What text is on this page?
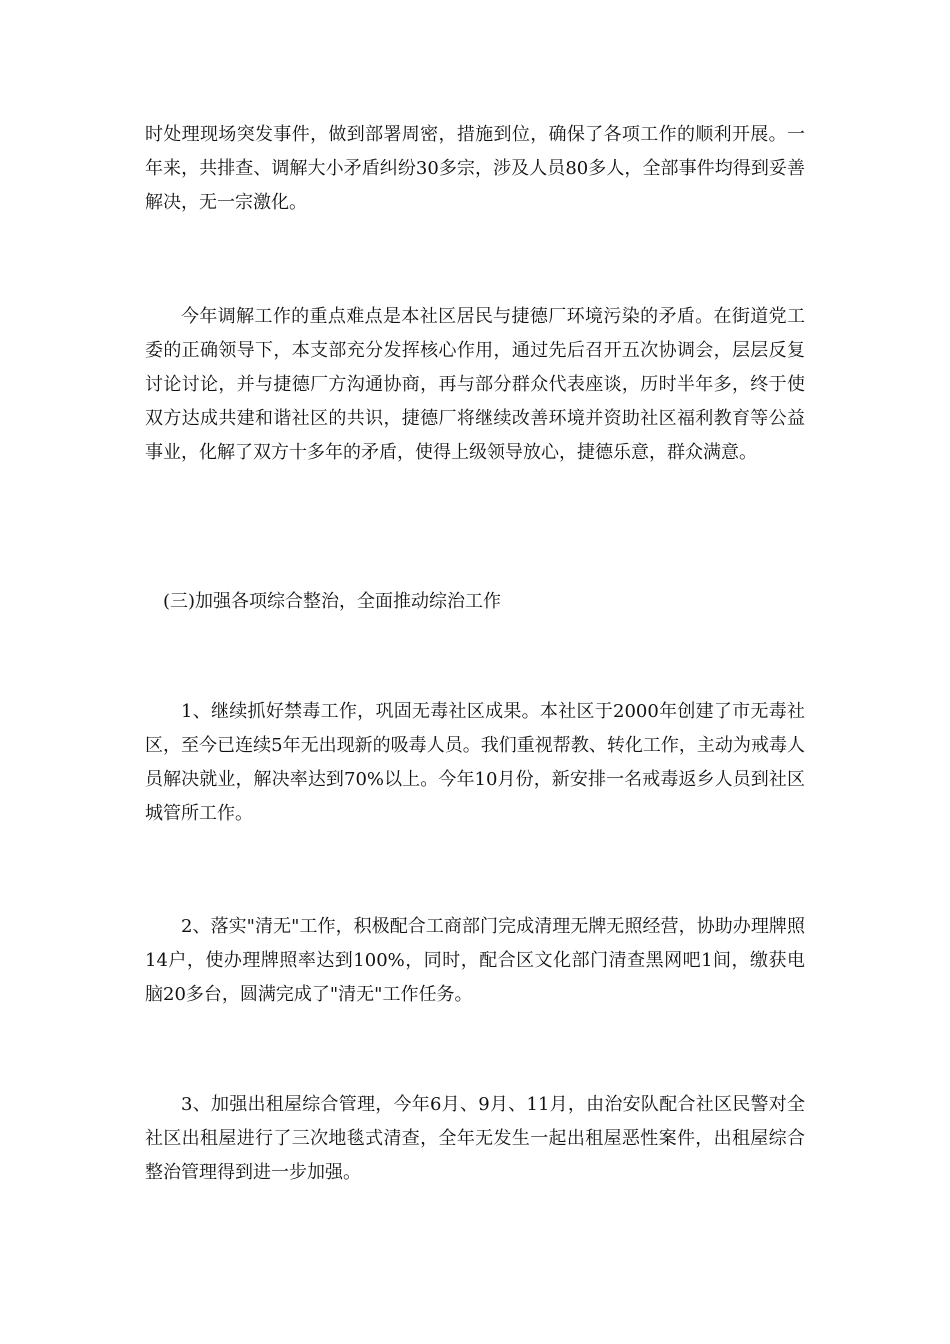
时处理现场突发事件，做到部署周密，措施到位，确保了各项工作的顺利开展。一年来，共排查、调解大小矛盾纠纷30多宗，涉及人员80多人，全部事件均得到妥善解决，无一宗激化。

今年调解工作的重点难点是本社区居民与捷德厂环境污染的矛盾。在街道党工委的正确领导下，本支部充分发挥核心作用，通过先后召开五次协调会，层层反复讨论讨论，并与捷德厂方沟通协商，再与部分群众代表座谈，历时半年多，终于使双方达成共建和谐社区的共识，捷德厂将继续改善环境并资助社区福利教育等公益事业，化解了双方十多年的矛盾，使得上级领导放心，捷德乐意，群众满意。

(三)加强各项综合整治，全面推动综治工作

1、继续抓好禁毒工作，巩固无毒社区成果。本社区于2000年创建了市无毒社区，至今已连续5年无出现新的吸毒人员。我们重视帮教、转化工作，主动为戒毒人员解决就业，解决率达到70%以上。今年10月份，新安排一名戒毒返乡人员到社区城管所工作。

2、落实"清无"工作，积极配合工商部门完成清理无牌无照经营，协助办理牌照14户，使办理牌照率达到100%，同时，配合区文化部门清查黑网吧1间，缴获电脑20多台，圆满完成了"清无"工作任务。

3、加强出租屋综合管理，今年6月、9月、11月，由治安队配合社区民警对全社区出租屋进行了三次地毯式清查，全年无发生一起出租屋恶性案件，出租屋综合整治管理得到进一步加强。
